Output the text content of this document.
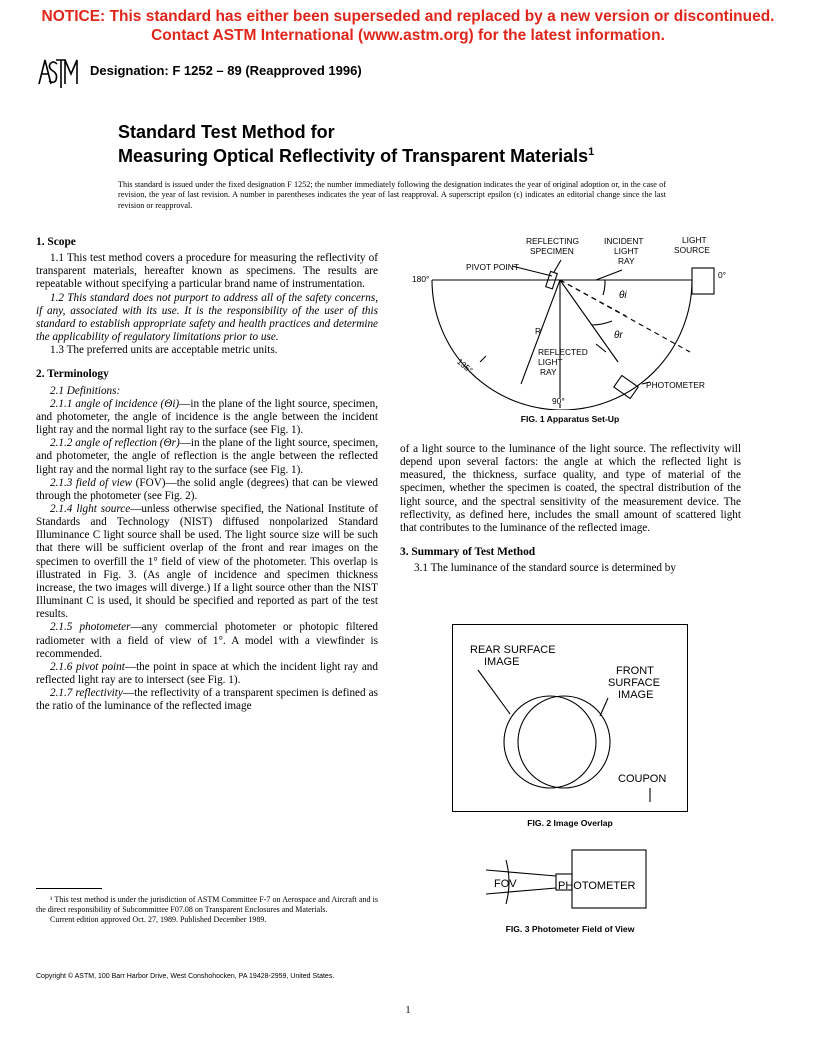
NOTICE: This standard has either been superseded and replaced by a new version or discontinued.
Contact ASTM International (www.astm.org) for the latest information.
Designation: F 1252 – 89 (Reapproved 1996)
Standard Test Method for
Measuring Optical Reflectivity of Transparent Materials$^1$
This standard is issued under the fixed designation F 1252; the number immediately following the designation indicates the year of original adoption or, in the case of revision, the year of last revision. A number in parentheses indicates the year of last reapproval. A superscript epsilon (ϵ) indicates an editorial change since the last revision or reapproval.
1. Scope

1.1 This test method covers a procedure for measuring the reflectivity of transparent materials, hereafter known as specimens. The results are repeatable without specifying a particular brand name of instrumentation.

1.2 This standard does not purport to address all of the safety concerns, if any, associated with its use. It is the responsibility of the user of this standard to establish appropriate safety and health practices and determine the applicability of regulatory limitations prior to use.

1.3 The preferred units are acceptable metric units.

2. Terminology

2.1 Definitions:

2.1.1 angle of incidence (Θi)—in the plane of the light source, specimen, and photometer, the angle of incidence is the angle between the incident light ray and the normal light ray to the surface (see Fig. 1).

2.1.2 angle of reflection (Θr)—in the plane of the light source, specimen, and photometer, the angle of reflection is the angle between the reflected light ray and the normal light ray to the surface (see Fig. 1).

2.1.3 field of view (FOV)—the solid angle (degrees) that can be viewed through the photometer (see Fig. 2).

2.1.4 light source—unless otherwise specified, the National Institute of Standards and Technology (NIST) diffused nonpolarized Standard Illuminance C light source shall be used. The light source size will be such that there will be sufficient overlap of the front and rear images on the specimen to overfill the 1° field of view of the photometer. This overlap is illustrated in Fig. 3. (As angle of incidence and specimen thickness increase, the two images will diverge.) If a light source other than the NIST Illuminant C is used, it should be specified and reported as part of the test results.

2.1.5 photometer—any commercial photometer or photopic filtered radiometer with a field of view of 1°. A model with a viewfinder is recommended.

2.1.6 pivot point—the point in space at which the incident light ray and reflected light ray are to intersect (see Fig. 1).

2.1.7 reflectivity—the reflectivity of a transparent specimen is defined as the ratio of the luminance of the reflected image

¹ This test method is under the jurisdiction of ASTM Committee F-7 on Aerospace and Aircraft and is the direct responsibility of Subcommittee F07.08 on Transparent Enclosures and Materials.

Current edition approved Oct. 27, 1989. Published December 1989.

of a light source to the luminance of the light source. The reflectivity will depend upon several factors: the angle at which the reflected light is measured, the thickness, surface quality, and type of material of the specimen, whether the specimen is coated, the spectral distribution of the light source, and the spectral sensitivity of the measurement device. The reflectivity, as defined here, includes the small amount of scattered light that contributes to the luminance of the reflected image.

3. Summary of Test Method

3.1 The luminance of the standard source is determined by

REFLECTING
SPECIMEN
INCIDENT
LIGHT
RAY
LIGHT
SOURCE
PIVOT POINT
180°	0°
θi
θr
R
REFLECTED
LIGHT
RAY
135°
90°
PHOTOMETER
FIG. 1 Apparatus Set-Up
REAR SURFACE
IMAGE
FRONT
SURFACE
IMAGE
COUPON
FIG. 2 Image Overlap
FOV	PHOTOMETER
FIG. 3 Photometer Field of View
Copyright © ASTM, 100 Barr Harbor Drive, West Conshohocken, PA 19428-2959, United States.
1
